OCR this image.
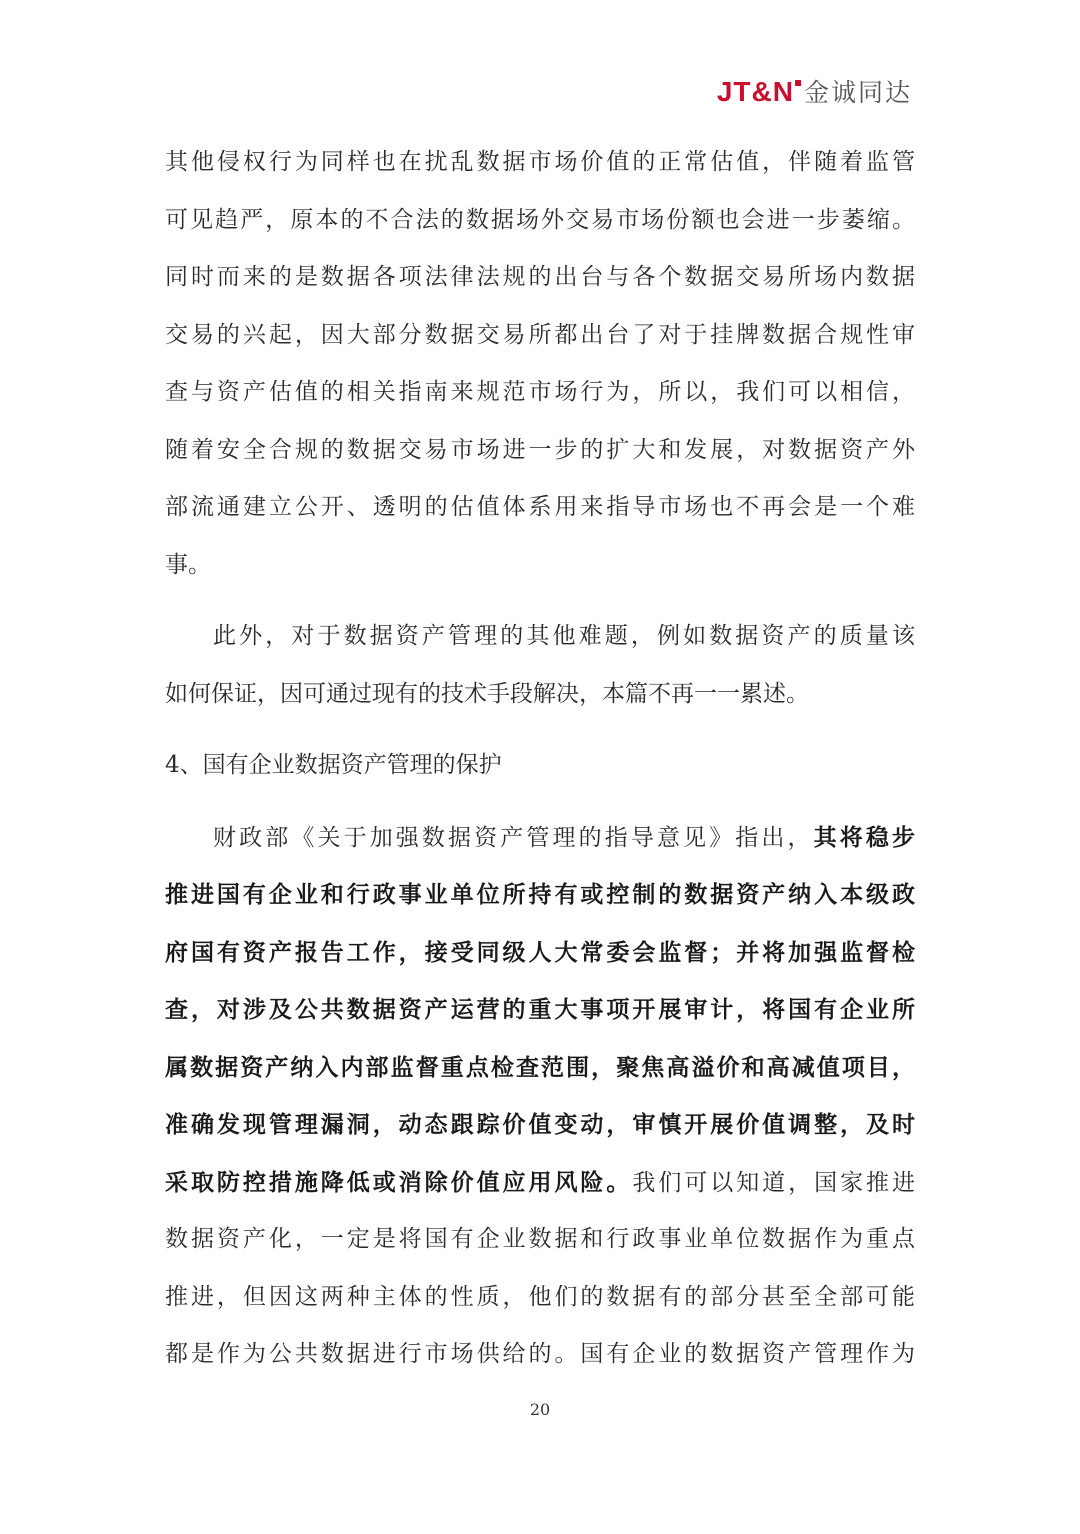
JT&N 金诚同达
其他侵权行为同样也在扰乱数据市场价值的正常估值，伴随着监管
可见趋严，原本的不合法的数据场外交易市场份额也会进一步萎缩。
同时而来的是数据各项法律法规的出台与各个数据交易所场内数据
交易的兴起，因大部分数据交易所都出台了对于挂牌数据合规性审
查与资产估值的相关指南来规范市场行为，所以，我们可以相信，
随着安全合规的数据交易市场进一步的扩大和发展，对数据资产外
部流通建立公开、透明的估值体系用来指导市场也不再会是一个难
事。
此外，对于数据资产管理的其他难题，例如数据资产的质量该
如何保证，因可通过现有的技术手段解决，本篇不再一一累述。
4、国有企业数据资产管理的保护
财政部《关于加强数据资产管理的指导意见》指出，其将稳步
推进国有企业和行政事业单位所持有或控制的数据资产纳入本级政
府国有资产报告工作，接受同级人大常委会监督；并将加强监督检
查，对涉及公共数据资产运营的重大事项开展审计，将国有企业所
属数据资产纳入内部监督重点检查范围，聚焦高溢价和高减值项目，
准确发现管理漏洞，动态跟踪价值变动，审慎开展价值调整，及时
采取防控措施降低或消除价值应用风险。我们可以知道，国家推进
数据资产化，一定是将国有企业数据和行政事业单位数据作为重点
推进，但因这两种主体的性质，他们的数据有的部分甚至全部可能
都是作为公共数据进行市场供给的。国有企业的数据资产管理作为
20
